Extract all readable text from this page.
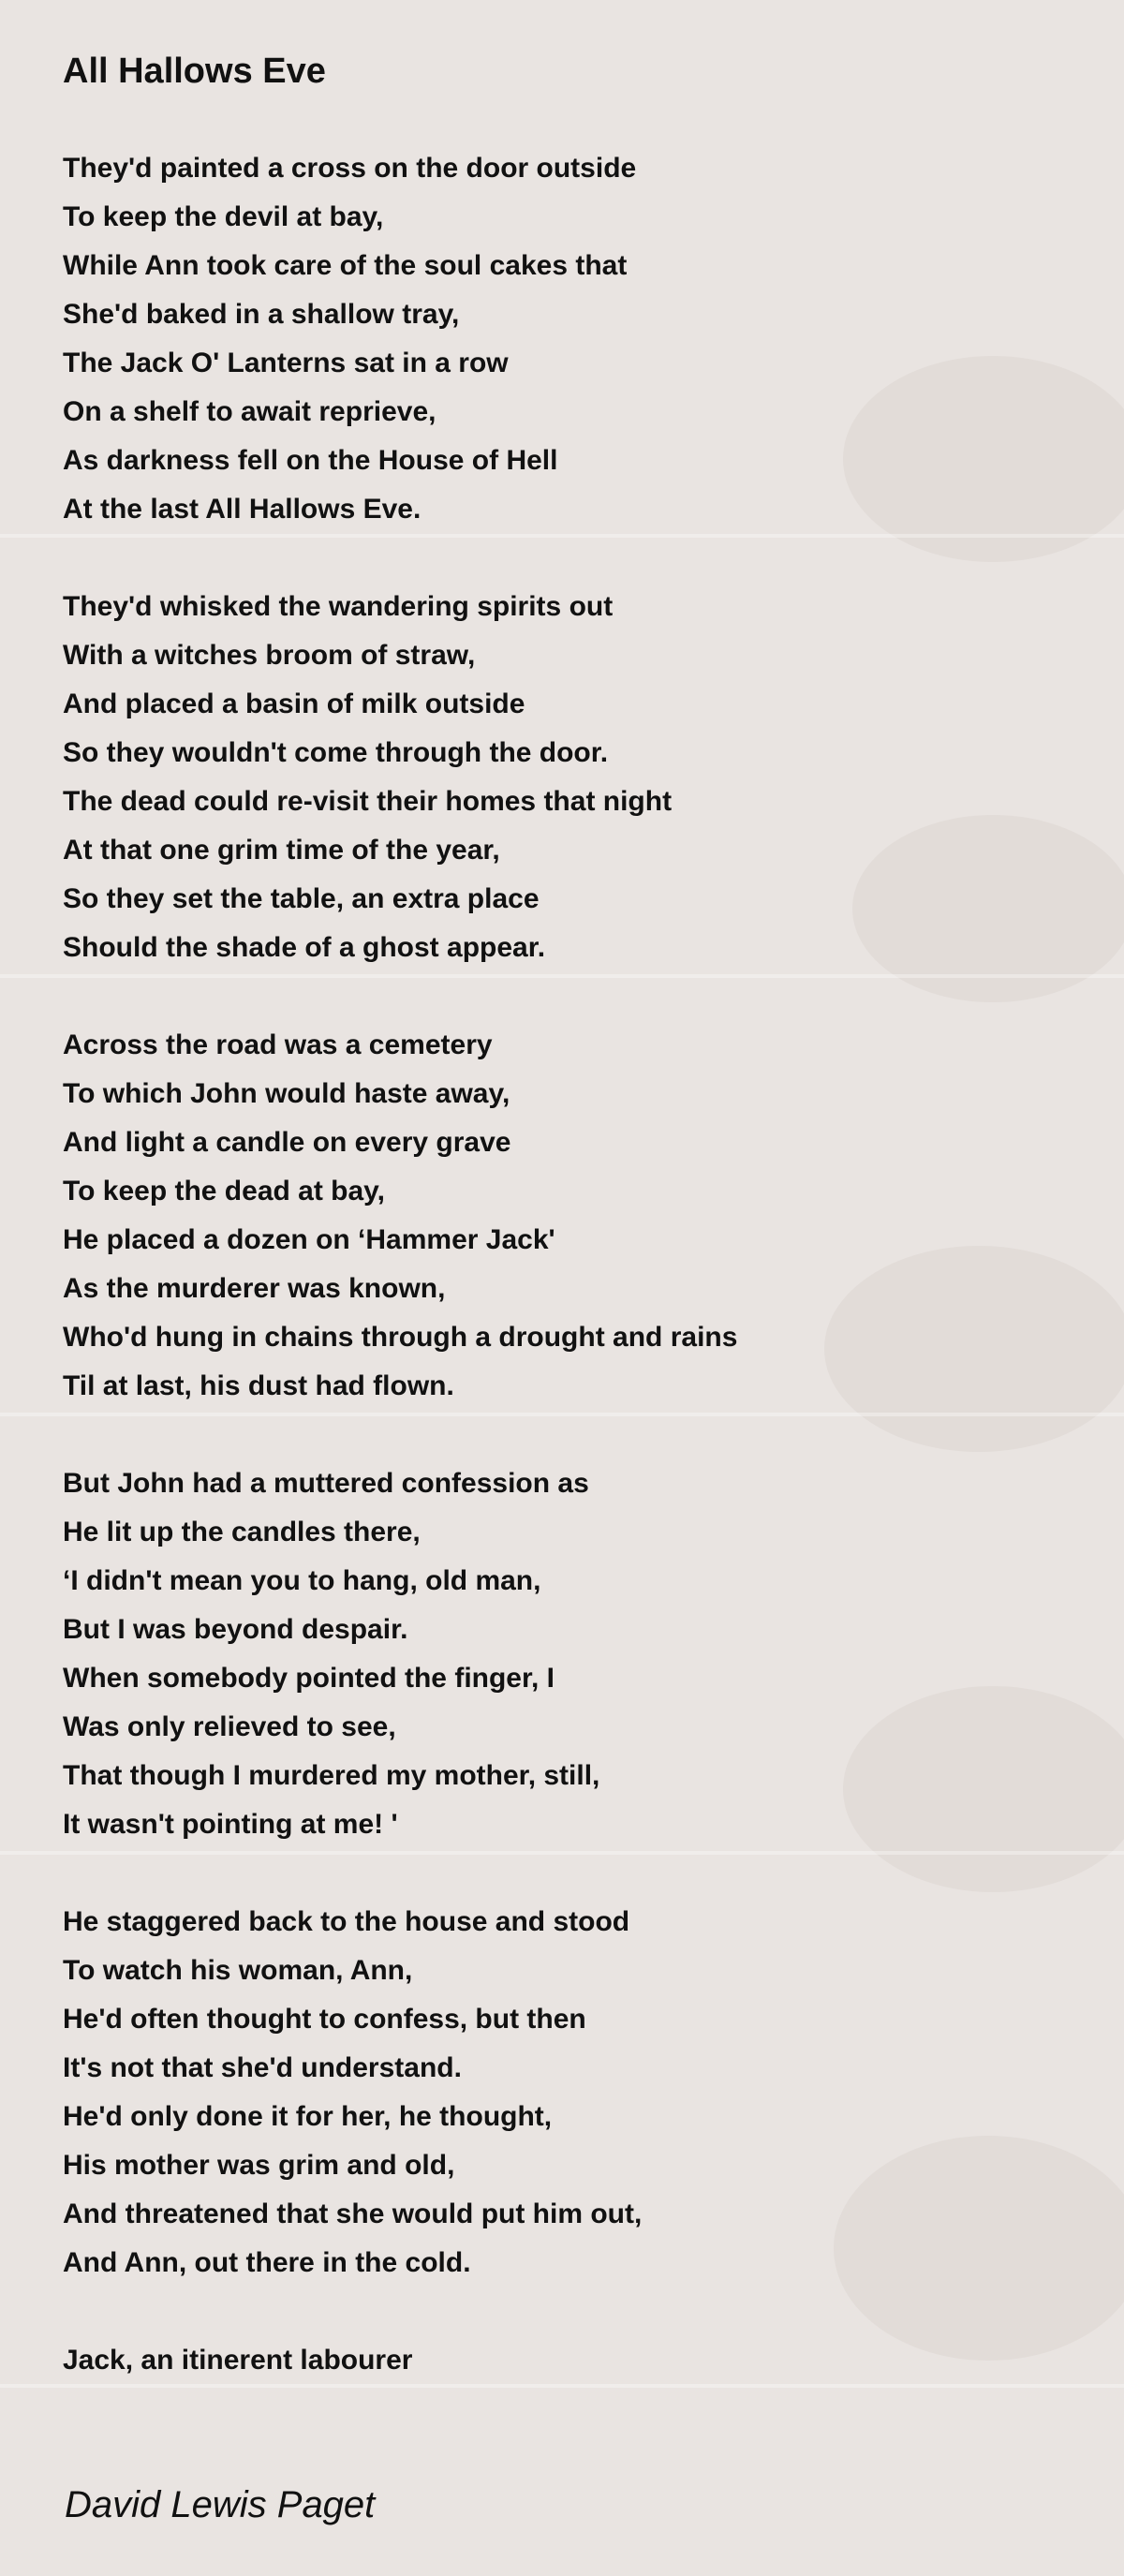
All Hallows Eve
They'd painted a cross on the door outside
To keep the devil at bay,
While Ann took care of the soul cakes that
She'd baked in a shallow tray,
The Jack O' Lanterns sat in a row
On a shelf to await reprieve,
As darkness fell on the House of Hell
At the last All Hallows Eve.
They'd whisked the wandering spirits out
With a witches broom of straw,
And placed a basin of milk outside
So they wouldn't come through the door.
The dead could re-visit their homes that night
At that one grim time of the year,
So they set the table, an extra place
Should the shade of a ghost appear.
Across the road was a cemetery
To which John would haste away,
And light a candle on every grave
To keep the dead at bay,
He placed a dozen on ‘Hammer Jack'
As the murderer was known,
Who'd hung in chains through a drought and rains
Til at last, his dust had flown.
But John had a muttered confession as
He lit up the candles there,
‘I didn't mean you to hang, old man,
But I was beyond despair.
When somebody pointed the finger, I
Was only relieved to see,
That though I murdered my mother, still,
It wasn't pointing at me! '
He staggered back to the house and stood
To watch his woman, Ann,
He'd often thought to confess, but then
It's not that she'd understand.
He'd only done it for her, he thought,
His mother was grim and old,
And threatened that she would put him out,
And Ann, out there in the cold.
Jack, an itinerent labourer
David Lewis Paget
